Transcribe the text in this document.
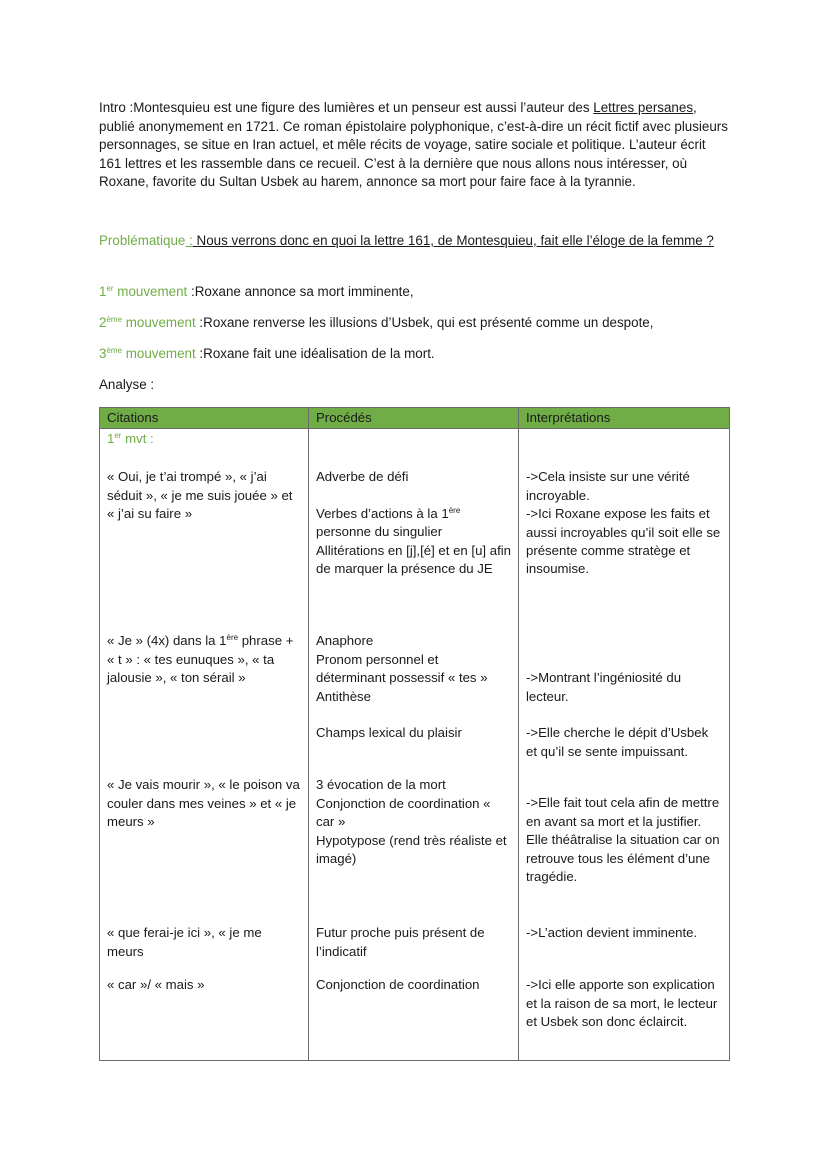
Intro :Montesquieu est une figure des lumières et un penseur est aussi l’auteur des Lettres persanes, publié anonymement en 1721. Ce roman épistolaire polyphonique, c’est-à-dire un récit fictif avec plusieurs personnages, se situe en Iran actuel, et mêle récits de voyage, satire sociale et politique. L’auteur écrit 161 lettres et les rassemble dans ce recueil. C’est à la dernière que nous allons nous intéresser, où Roxane, favorite du Sultan Usbek au harem, annonce sa mort pour faire face à la tyrannie.

Problématique : Nous verrons donc en quoi la lettre 161, de Montesquieu, fait elle l’éloge de la femme ?

1er mouvement :Roxane annonce sa mort imminente,

2ème mouvement :Roxane renverse les illusions d’Usbek, qui est présenté comme un despote,

3ème mouvement :Roxane fait une idéalisation de la mort.

Analyse :

Citations	Procédés	Interprétations
1er mvt :		
« Oui, je t’ai trompé », « j’ai séduit », « je me suis jouée » et « j’ai su faire »	Adverbe de défi
Verbes d’actions à la 1ère
personne du singulier
Allitérations en [j],[é] et en [u] afin de marquer la présence du JE	->Cela insiste sur une vérité incroyable.
->Ici Roxane expose les faits et aussi incroyables qu’il soit elle se présente comme stratège et insoumise.

« Je » (4x) dans la 1ère phrase + « t » : « tes eunuques », « ta jalousie », « ton sérail »	Anaphore
Pronom personnel et déterminant possessif « tes »
Antithèse
Champs lexical du plaisir	->Montrant l’ingéniosité du lecteur.
->Elle cherche le dépit d’Usbek et qu’il se sente impuissant.

« Je vais mourir », « le poison va couler dans mes veines » et « je meurs »	3 évocation de la mort
Conjonction de coordination « car »
Hypotypose (rend très réaliste et imagé)	->Elle fait tout cela afin de mettre en avant sa mort et la justifier. Elle théâtralise la situation car on retrouve tous les élément d’une tragédie.
« que ferai-je ici », « je me meurs	Futur proche puis présent de l’indicatif	->L’action devient imminente.
« car »/ « mais »	Conjonction de coordination	->Ici elle apporte son explication et la raison de sa mort, le lecteur et Usbek son donc éclaircit.
